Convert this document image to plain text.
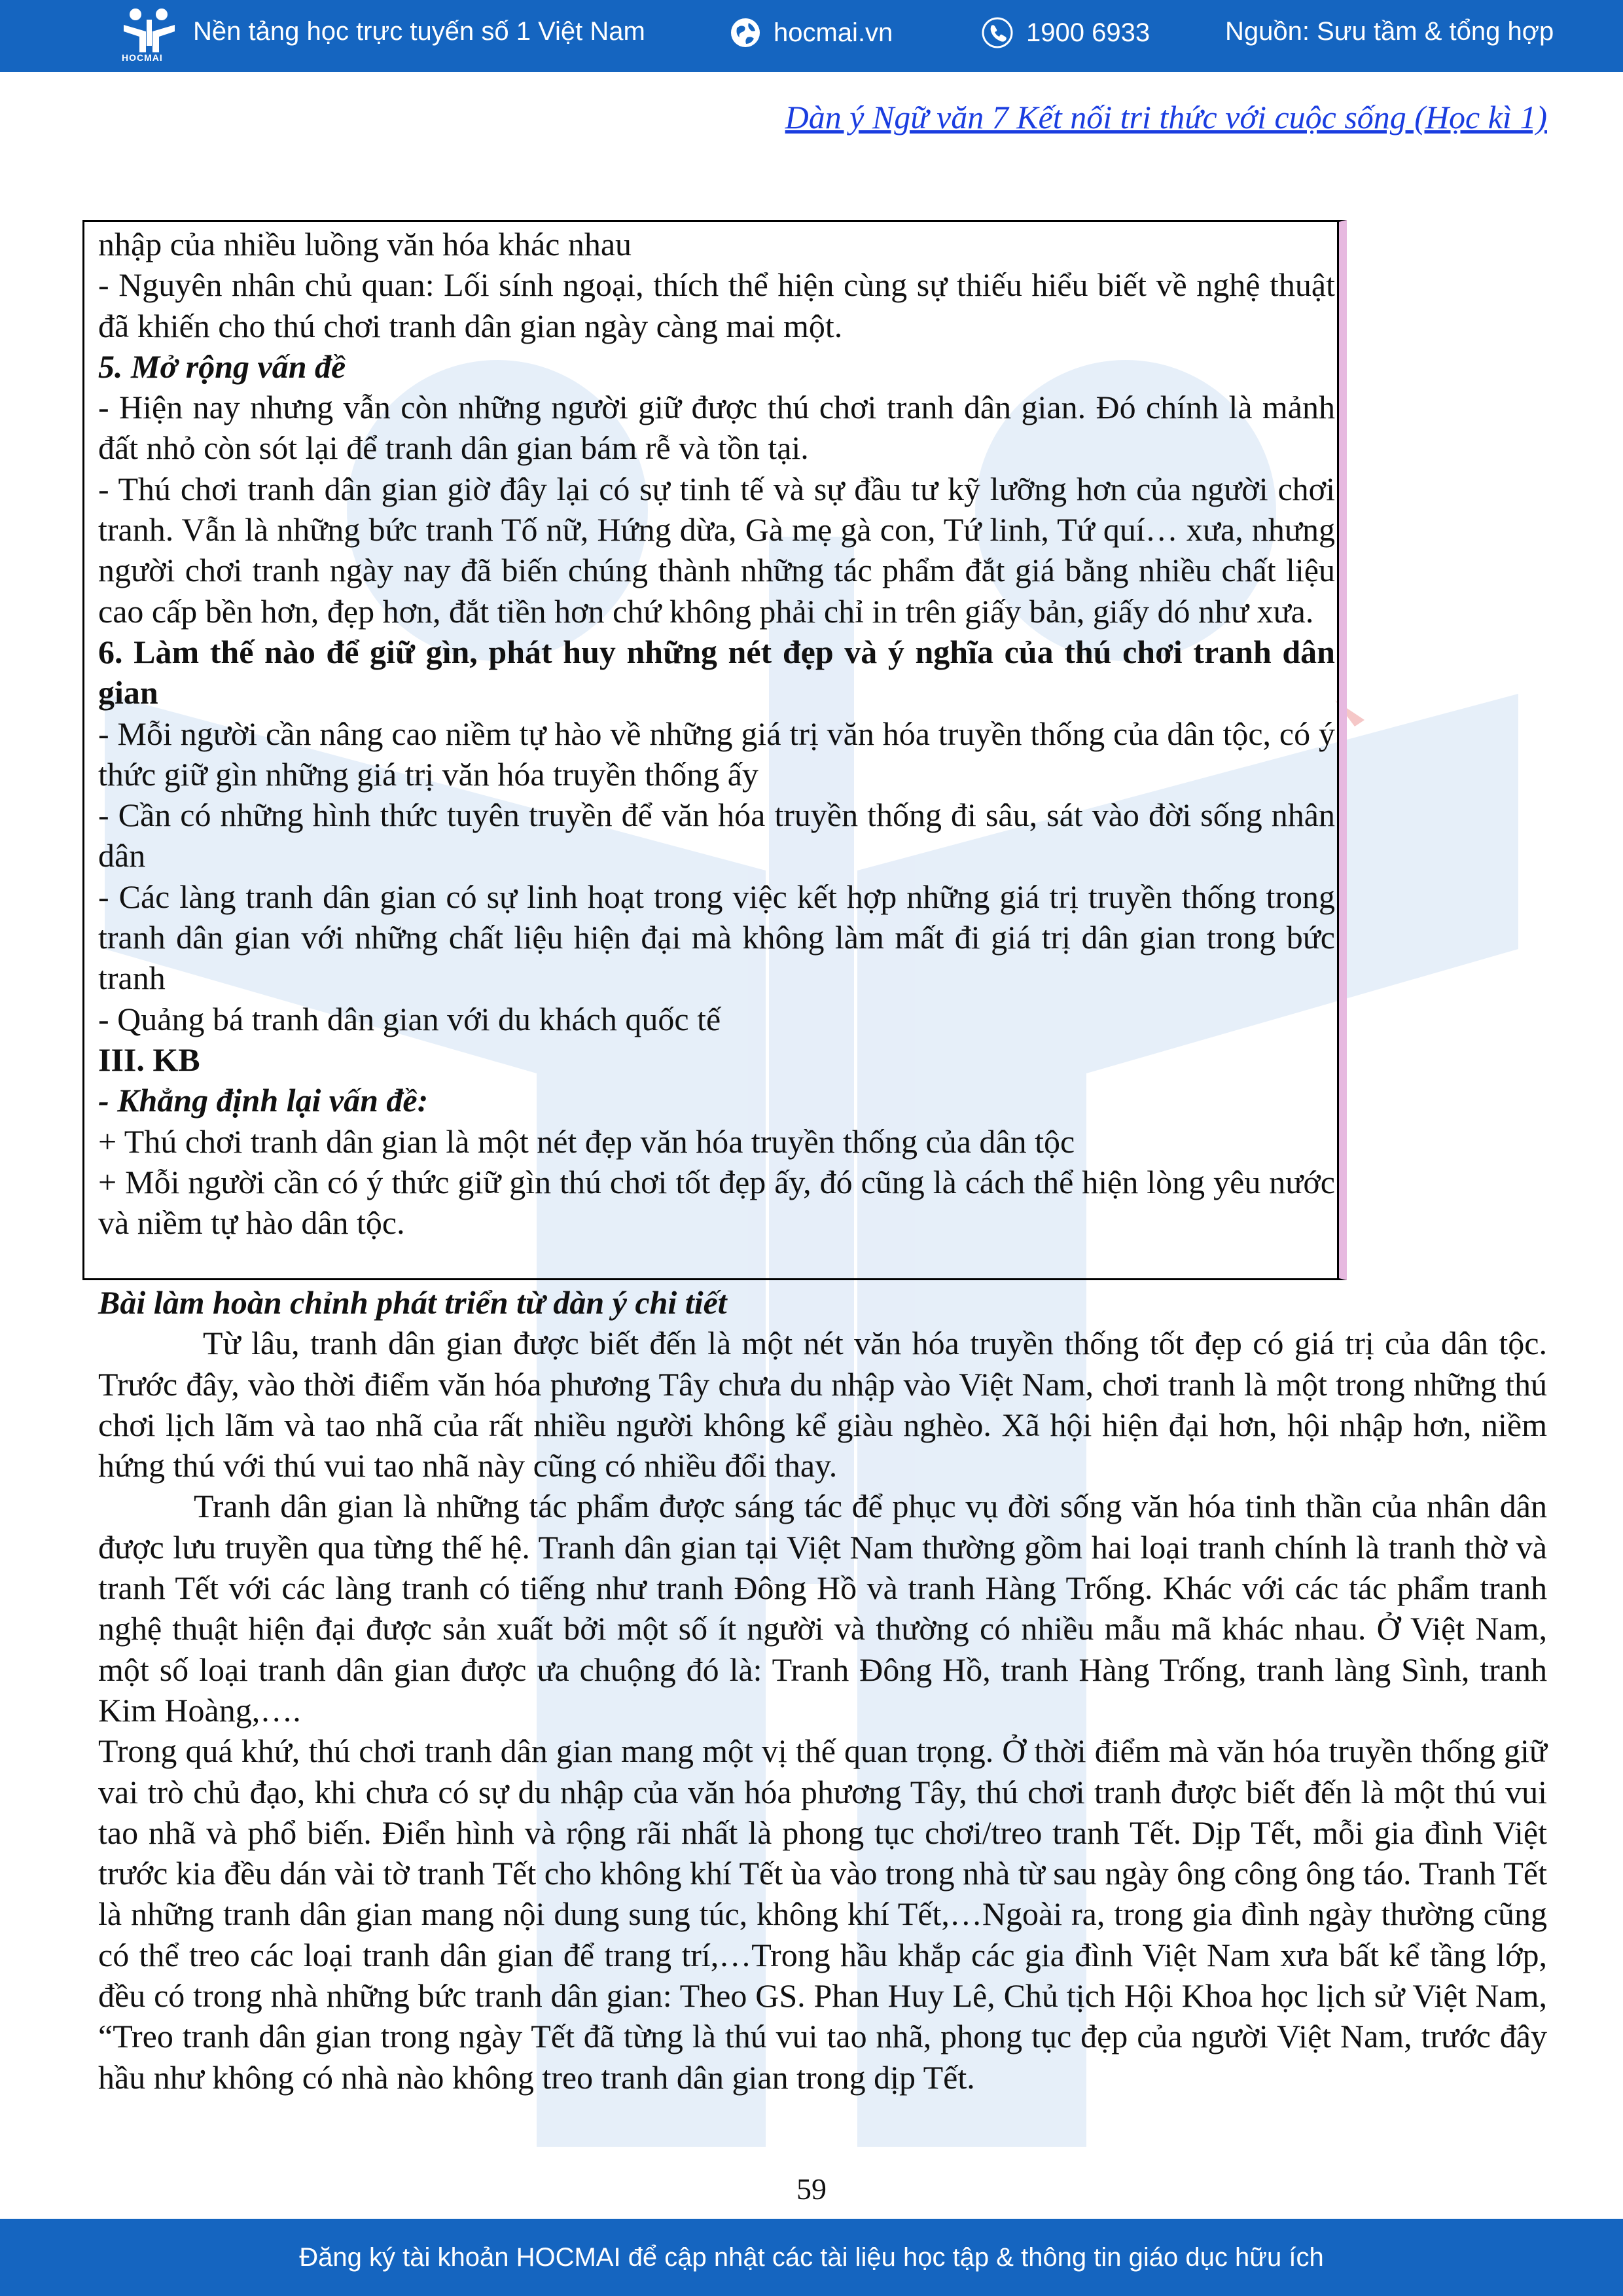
HOCMAI
Nền tảng học trực tuyến số 1 Việt Nam	hocmai.vn	1900 6933	Nguồn: Sưu tầm & tổng hợp
Dàn ý Ngữ văn 7 Kết nối tri thức với cuộc sống (Học kì 1)

nhập của nhiều luồng văn hóa khác nhau

- Nguyên nhân chủ quan: Lối sính ngoại, thích thể hiện cùng sự thiếu hiểu biết về nghệ thuật đã khiến cho thú chơi tranh dân gian ngày càng mai một.

5. Mở rộng vấn đề

- Hiện nay nhưng vẫn còn những người giữ được thú chơi tranh dân gian. Đó chính là mảnh đất nhỏ còn sót lại để tranh dân gian bám rễ và tồn tại.

- Thú chơi tranh dân gian giờ đây lại có sự tinh tế và sự đầu tư kỹ lưỡng hơn của người chơi tranh. Vẫn là những bức tranh Tố nữ, Hứng dừa, Gà mẹ gà con, Tứ linh, Tứ quí… xưa, nhưng người chơi tranh ngày nay đã biến chúng thành những tác phẩm đắt giá bằng nhiều chất liệu cao cấp bền hơn, đẹp hơn, đắt tiền hơn chứ không phải chỉ in trên giấy bản, giấy dó như xưa.

6. Làm thế nào để giữ gìn, phát huy những nét đẹp và ý nghĩa của thú chơi tranh dân gian

- Mỗi người cần nâng cao niềm tự hào về những giá trị văn hóa truyền thống của dân tộc, có ý thức giữ gìn những giá trị văn hóa truyền thống ấy

- Cần có những hình thức tuyên truyền để văn hóa truyền thống đi sâu, sát vào đời sống nhân dân

- Các làng tranh dân gian có sự linh hoạt trong việc kết hợp những giá trị truyền thống trong tranh dân gian với những chất liệu hiện đại mà không làm mất đi giá trị dân gian trong bức tranh

- Quảng bá tranh dân gian với du khách quốc tế

III. KB

- Khẳng định lại vấn đề:

+ Thú chơi tranh dân gian là một nét đẹp văn hóa truyền thống của dân tộc

+ Mỗi người cần có ý thức giữ gìn thú chơi tốt đẹp ấy, đó cũng là cách thể hiện lòng yêu nước và niềm tự hào dân tộc.

Bài làm hoàn chỉnh phát triển từ dàn ý chi tiết

Từ lâu, tranh dân gian được biết đến là một nét văn hóa truyền thống tốt đẹp có giá trị của dân tộc. Trước đây, vào thời điểm văn hóa phương Tây chưa du nhập vào Việt Nam, chơi tranh là một trong những thú chơi lịch lãm và tao nhã của rất nhiều người không kể giàu nghèo. Xã hội hiện đại hơn, hội nhập hơn, niềm hứng thú với thú vui tao nhã này cũng có nhiều đổi thay.

Tranh dân gian là những tác phẩm được sáng tác để phục vụ đời sống văn hóa tinh thần của nhân dân được lưu truyền qua từng thế hệ. Tranh dân gian tại Việt Nam thường gồm hai loại tranh chính là tranh thờ và tranh Tết với các làng tranh có tiếng như tranh Đông Hồ và tranh Hàng Trống. Khác với các tác phẩm tranh nghệ thuật hiện đại được sản xuất bởi một số ít người và thường có nhiều mẫu mã khác nhau. Ở Việt Nam, một số loại tranh dân gian được ưa chuộng đó là: Tranh Đông Hồ, tranh Hàng Trống, tranh làng Sình, tranh Kim Hoàng,….

Trong quá khứ, thú chơi tranh dân gian mang một vị thế quan trọng. Ở thời điểm mà văn hóa truyền thống giữ vai trò chủ đạo, khi chưa có sự du nhập của văn hóa phương Tây, thú chơi tranh được biết đến là một thú vui tao nhã và phổ biến. Điển hình và rộng rãi nhất là phong tục chơi/treo tranh Tết. Dịp Tết, mỗi gia đình Việt trước kia đều dán vài tờ tranh Tết cho không khí Tết ùa vào trong nhà từ sau ngày ông công ông táo. Tranh Tết là những tranh dân gian mang nội dung sung túc, không khí Tết,…Ngoài ra, trong gia đình ngày thường cũng có thể treo các loại tranh dân gian để trang trí,…Trong hầu khắp các gia đình Việt Nam xưa bất kể tầng lớp, đều có trong nhà những bức tranh dân gian: Theo GS. Phan Huy Lê, Chủ tịch Hội Khoa học lịch sử Việt Nam, “Treo tranh dân gian trong ngày Tết đã từng là thú vui tao nhã, phong tục đẹp của người Việt Nam, trước đây hầu như không có nhà nào không treo tranh dân gian trong dịp Tết.

59
Đăng ký tài khoản HOCMAI để cập nhật các tài liệu học tập & thông tin giáo dục hữu ích
